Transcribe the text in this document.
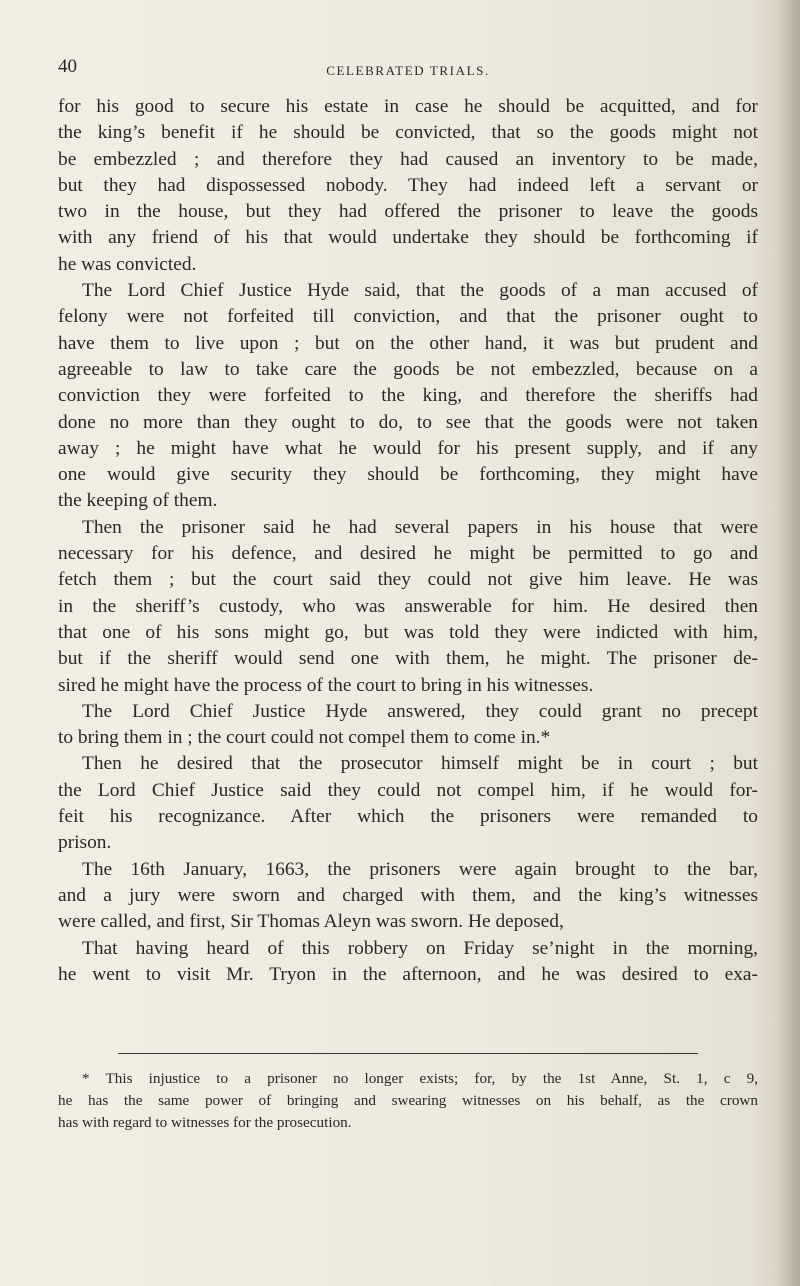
40	CELEBRATED TRIALS.
for his good to secure his estate in case he should be acquitted, and for
the king’s benefit if he should be convicted, that so the goods might not
be embezzled ; and therefore they had caused an inventory to be made,
but they had dispossessed nobody. They had indeed left a servant or
two in the house, but they had offered the prisoner to leave the goods
with any friend of his that would undertake they should be forthcoming if
he was convicted.
The Lord Chief Justice Hyde said, that the goods of a man accused of
felony were not forfeited till conviction, and that the prisoner ought to
have them to live upon ; but on the other hand, it was but prudent and
agreeable to law to take care the goods be not embezzled, because on a
conviction they were forfeited to the king, and therefore the sheriffs had
done no more than they ought to do, to see that the goods were not taken
away ; he might have what he would for his present supply, and if any
one would give security they should be forthcoming, they might have
the keeping of them.
Then the prisoner said he had several papers in his house that were
necessary for his defence, and desired he might be permitted to go and
fetch them ; but the court said they could not give him leave. He was
in the sheriff’s custody, who was answerable for him. He desired then
that one of his sons might go, but was told they were indicted with him,
but if the sheriff would send one with them, he might. The prisoner de-
sired he might have the process of the court to bring in his witnesses.
The Lord Chief Justice Hyde answered, they could grant no precept
to bring them in ; the court could not compel them to come in.*
Then he desired that the prosecutor himself might be in court ; but
the Lord Chief Justice said they could not compel him, if he would for-
feit his recognizance. After which the prisoners were remanded to
prison.
The 16th January, 1663, the prisoners were again brought to the bar,
and a jury were sworn and charged with them, and the king’s witnesses
were called, and first, Sir Thomas Aleyn was sworn. He deposed,
That having heard of this robbery on Friday se’night in the morning,
he went to visit Mr. Tryon in the afternoon, and he was desired to exa-
* This injustice to a prisoner no longer exists; for, by the 1st Anne, St. 1, c 9,
he has the same power of bringing and swearing witnesses on his behalf, as the crown
has with regard to witnesses for the prosecution.
